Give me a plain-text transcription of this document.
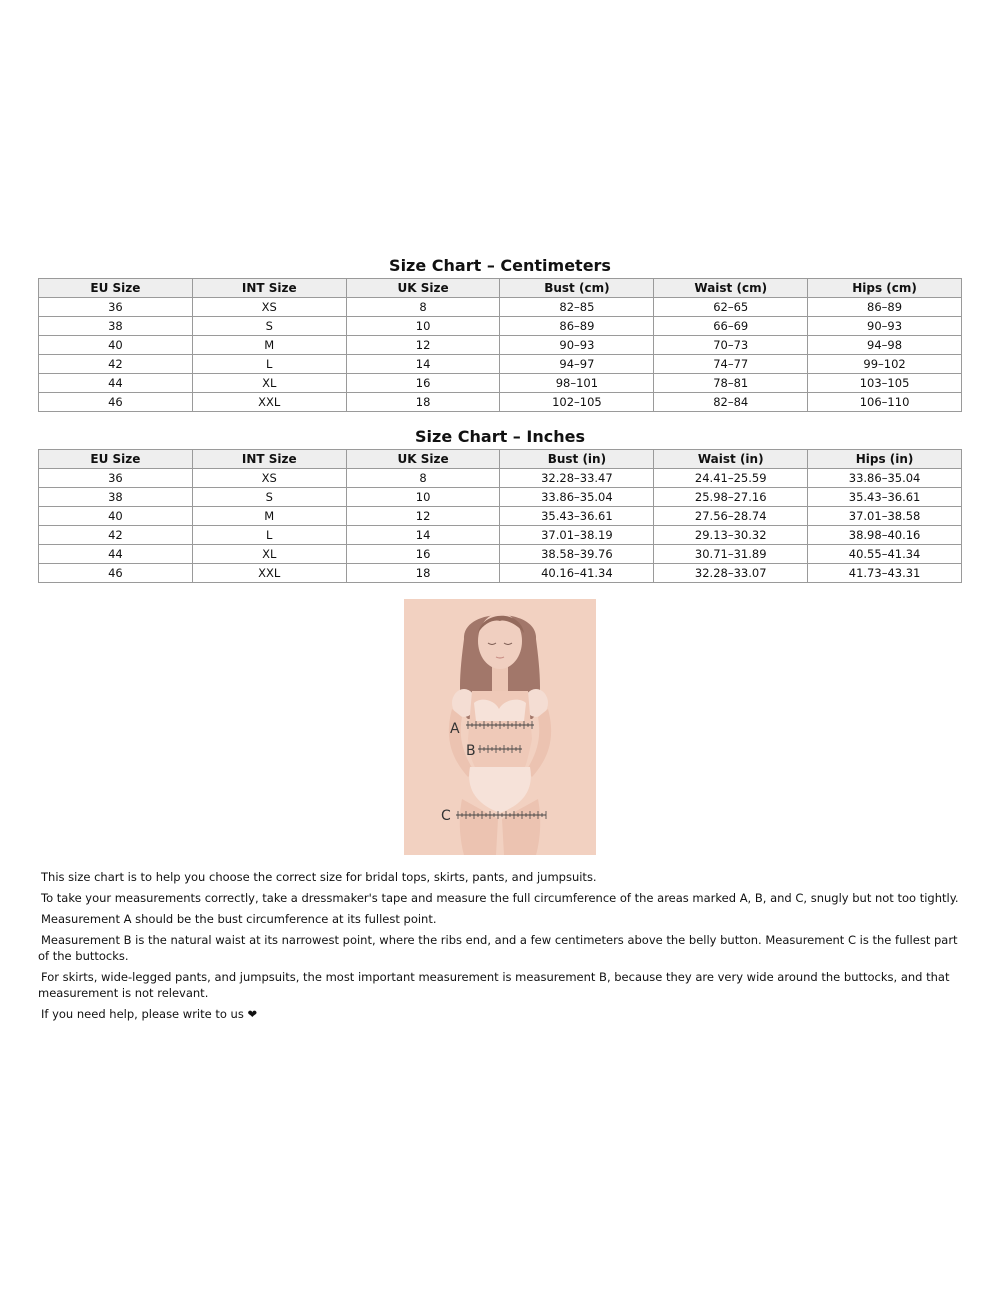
Size Chart – Centimeters
EU Size	INT Size	UK Size	Bust (cm)	Waist (cm)	Hips (cm)
36	XS	8	82–85	62–65	86–89
38	S	10	86–89	66–69	90–93
40	M	12	90–93	70–73	94–98
42	L	14	94–97	74–77	99–102
44	XL	16	98–101	78–81	103–105
46	XXL	18	102–105	82–84	106–110
Size Chart – Inches
EU Size	INT Size	UK Size	Bust (in)	Waist (in)	Hips (in)
36	XS	8	32.28–33.47	24.41–25.59	33.86–35.04
38	S	10	33.86–35.04	25.98–27.16	35.43–36.61
40	M	12	35.43–36.61	27.56–28.74	37.01–38.58
42	L	14	37.01–38.19	29.13–30.32	38.98–40.16
44	XL	16	38.58–39.76	30.71–31.89	40.55–41.34
46	XXL	18	40.16–41.34	32.28–33.07	41.73–43.31
A
B
C

This size chart is to help you choose the correct size for bridal tops, skirts, pants, and jumpsuits.

To take your measurements correctly, take a dressmaker's tape and measure the full circumference of the areas marked A, B, and C, snugly but not too tightly.

Measurement A should be the bust circumference at its fullest point.

Measurement B is the natural waist at its narrowest point, where the ribs end, and a few centimeters above the belly button. Measurement C is the fullest part of the buttocks.

For skirts, wide-legged pants, and jumpsuits, the most important measurement is measurement B, because they are very wide around the buttocks, and that measurement is not relevant.

If you need help, please write to us ❤
